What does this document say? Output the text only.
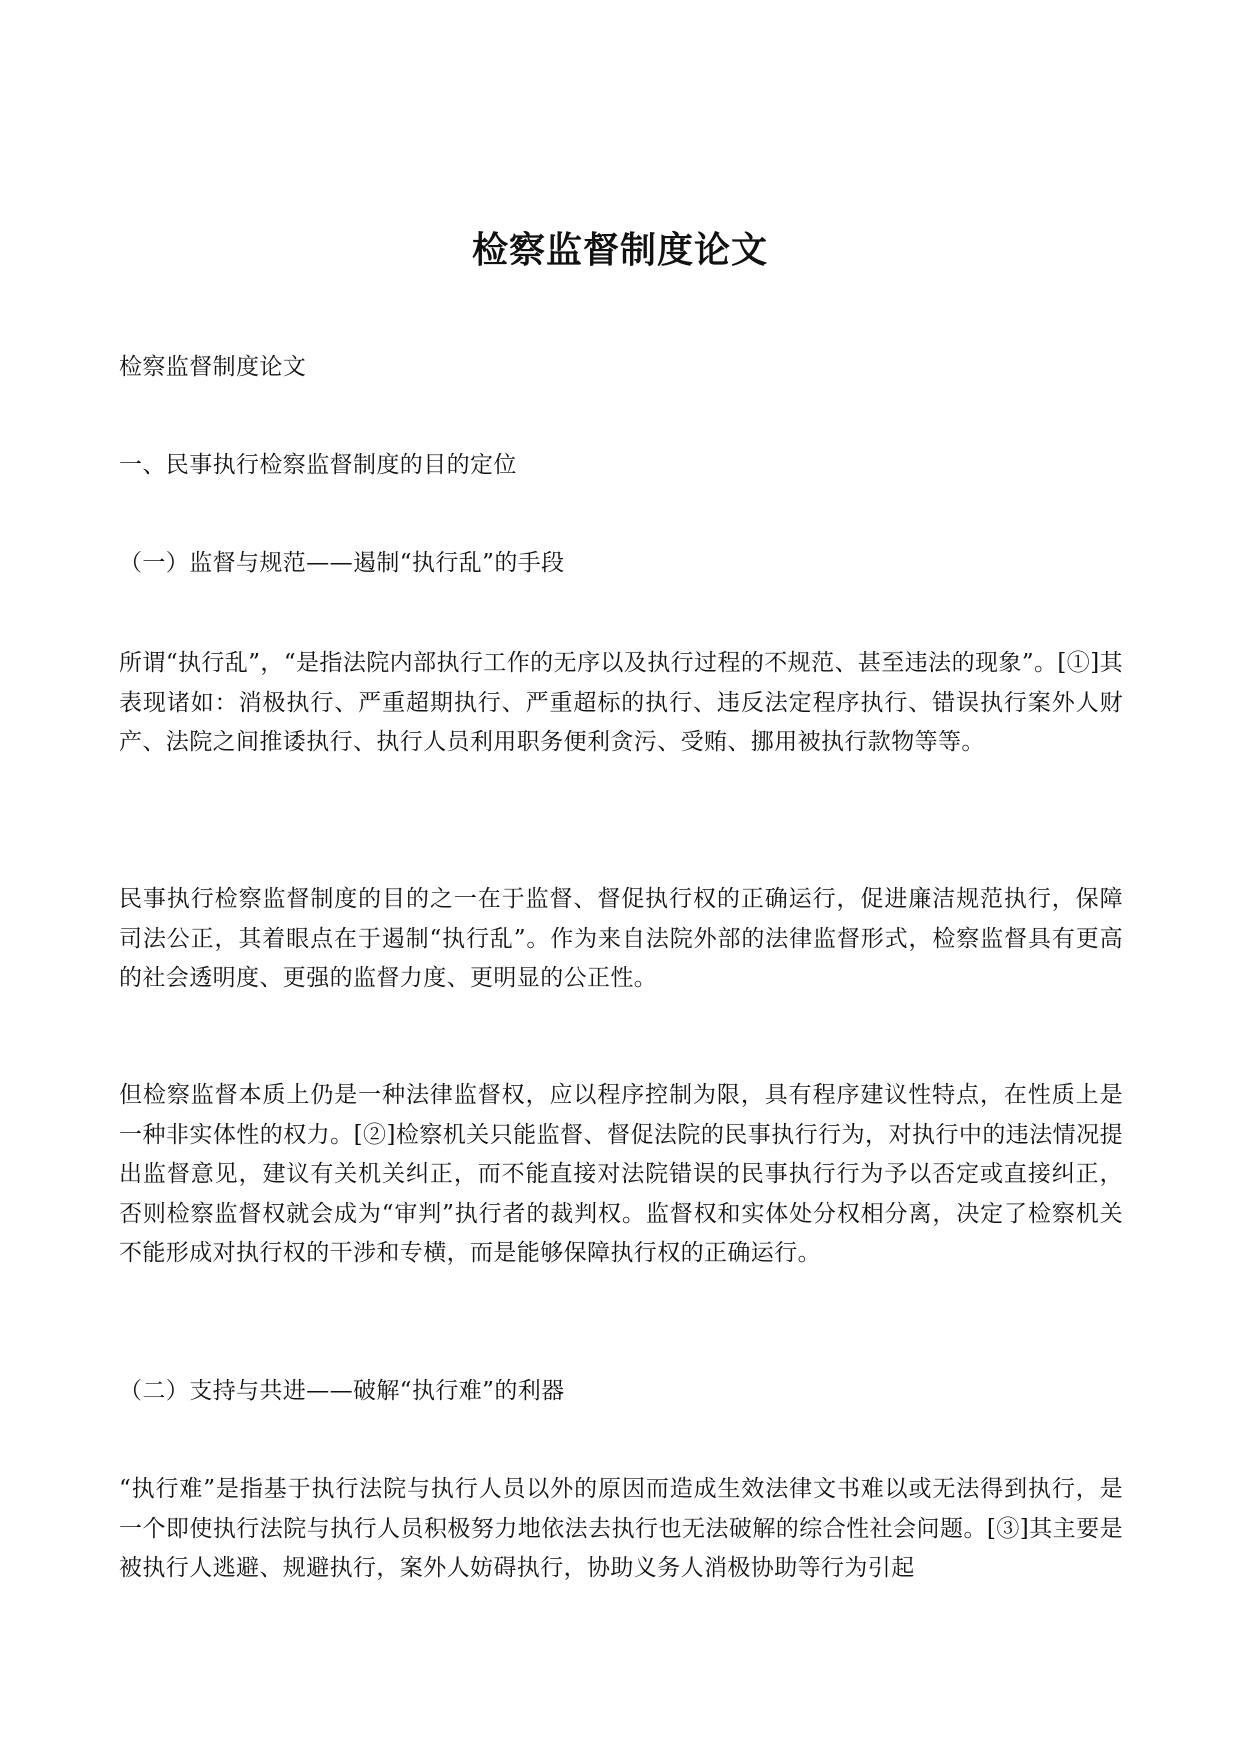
检察监督制度论文

检察监督制度论文

一、民事执行检察监督制度的目的定位

（一）监督与规范——遏制“执行乱”的手段

所谓“执行乱”，“是指法院内部执行工作的无序以及执行过程的不规范、甚至违法的现象”。[①]其表现诸如：消极执行、严重超期执行、严重超标的执行、违反法定程序执行、错误执行案外人财产、法院之间推诿执行、执行人员利用职务便利贪污、受贿、挪用被执行款物等等。

民事执行检察监督制度的目的之一在于监督、督促执行权的正确运行，促进廉洁规范执行，保障司法公正，其着眼点在于遏制“执行乱”。作为来自法院外部的法律监督形式，检察监督具有更高的社会透明度、更强的监督力度、更明显的公正性。

但检察监督本质上仍是一种法律监督权，应以程序控制为限，具有程序建议性特点，在性质上是一种非实体性的权力。[②]检察机关只能监督、督促法院的民事执行行为，对执行中的违法情况提出监督意见，建议有关机关纠正，而不能直接对法院错误的民事执行行为予以否定或直接纠正，否则检察监督权就会成为“审判”执行者的裁判权。监督权和实体处分权相分离，决定了检察机关不能形成对执行权的干涉和专横，而是能够保障执行权的正确运行。

（二）支持与共进——破解“执行难”的利器

“执行难”是指基于执行法院与执行人员以外的原因而造成生效法律文书难以或无法得到执行，是一个即使执行法院与执行人员积极努力地依法去执行也无法破解的综合性社会问题。[③]其主要是被执行人逃避、规避执行，案外人妨碍执行，协助义务人消极协助等行为引起
